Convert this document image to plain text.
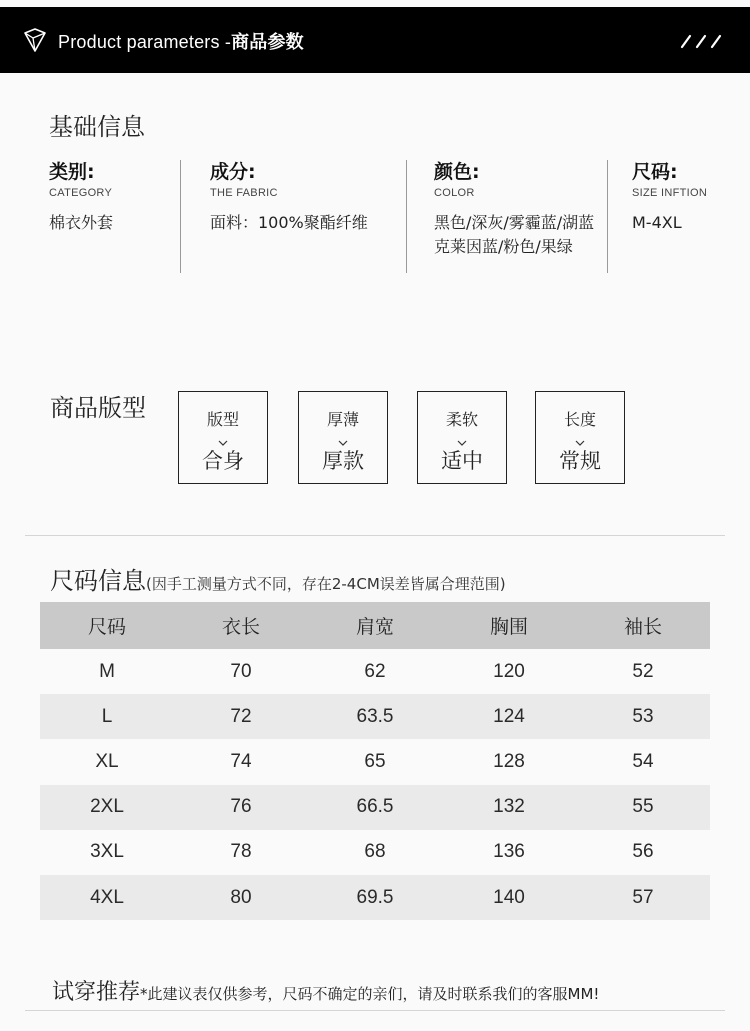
Product parameters -商品参数
基础信息
类别:
CATEGORY
棉衣外套
成分:
THE FABRIC
面料：100%聚酯纤维
颜色:
COLOR
黑色/深灰/雾霾蓝/湖蓝克莱因蓝/粉色/果绿
尺码:
SIZE INFTION
M-4XL
商品版型	版型
合身
厚薄
厚款
柔软
适中
长度
常规
尺码信息(因手工测量方式不同，存在2-4CM误差皆属合理范围)
尺码	衣长	肩宽	胸围	袖长
M	70	62	120	52
L	72	63.5	124	53
XL	74	65	128	54
2XL	76	66.5	132	55
3XL	78	68	136	56
4XL	80	69.5	140	57
试穿推荐*此建议表仅供参考，尺码不确定的亲们，请及时联系我们的客服MM!
